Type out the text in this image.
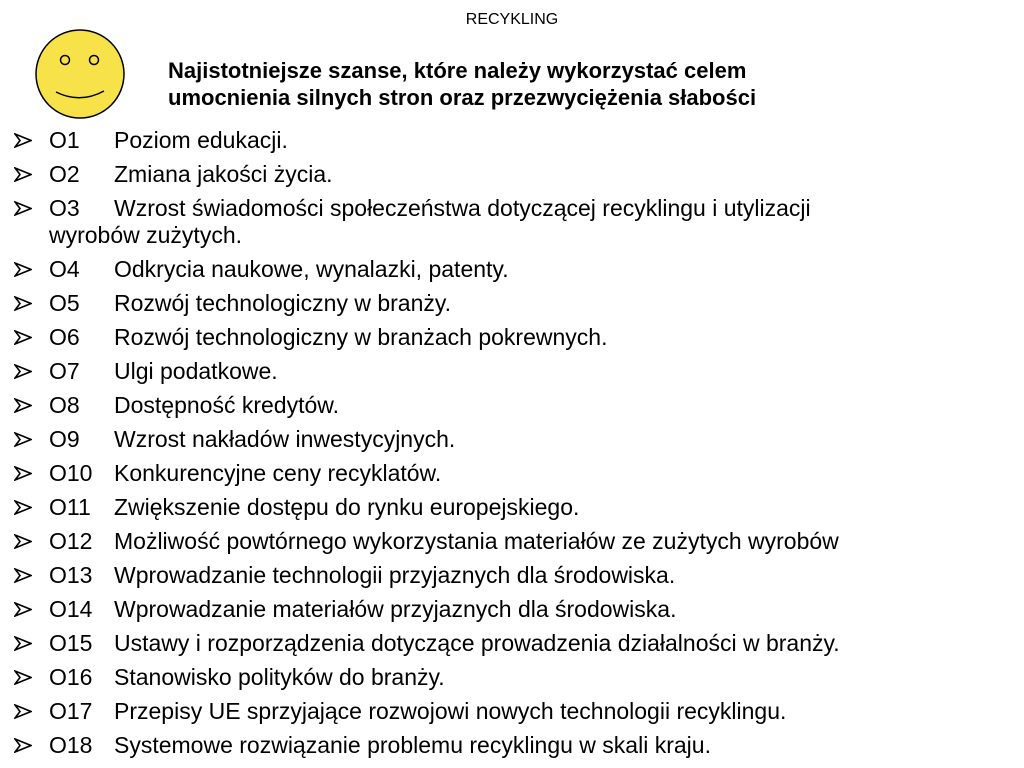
RECYKLING
Najistotniejsze szanse, które należy wykorzystać celem
umocnienia silnych stron oraz przezwyciężenia słabości
O1 Poziom edukacji.
O2 Zmiana jakości życia.
O3 Wzrost świadomości społeczeństwa dotyczącej recyklingu i utylizacji
wyrobów zużytych.
O4 Odkrycia naukowe, wynalazki, patenty.
O5 Rozwój technologiczny w branży.
O6 Rozwój technologiczny w branżach pokrewnych.
O7 Ulgi podatkowe.
O8 Dostępność kredytów.
O9 Wzrost nakładów inwestycyjnych.
O10 Konkurencyjne ceny recyklatów.
O11 Zwiększenie dostępu do rynku europejskiego.
O12 Możliwość powtórnego wykorzystania materiałów ze zużytych wyrobów
O13 Wprowadzanie technologii przyjaznych dla środowiska.
O14 Wprowadzanie materiałów przyjaznych dla środowiska.
O15 Ustawy i rozporządzenia dotyczące prowadzenia działalności w branży.
O16 Stanowisko polityków do branży.
O17 Przepisy UE sprzyjające rozwojowi nowych technologii recyklingu.
O18 Systemowe rozwiązanie problemu recyklingu w skali kraju.
